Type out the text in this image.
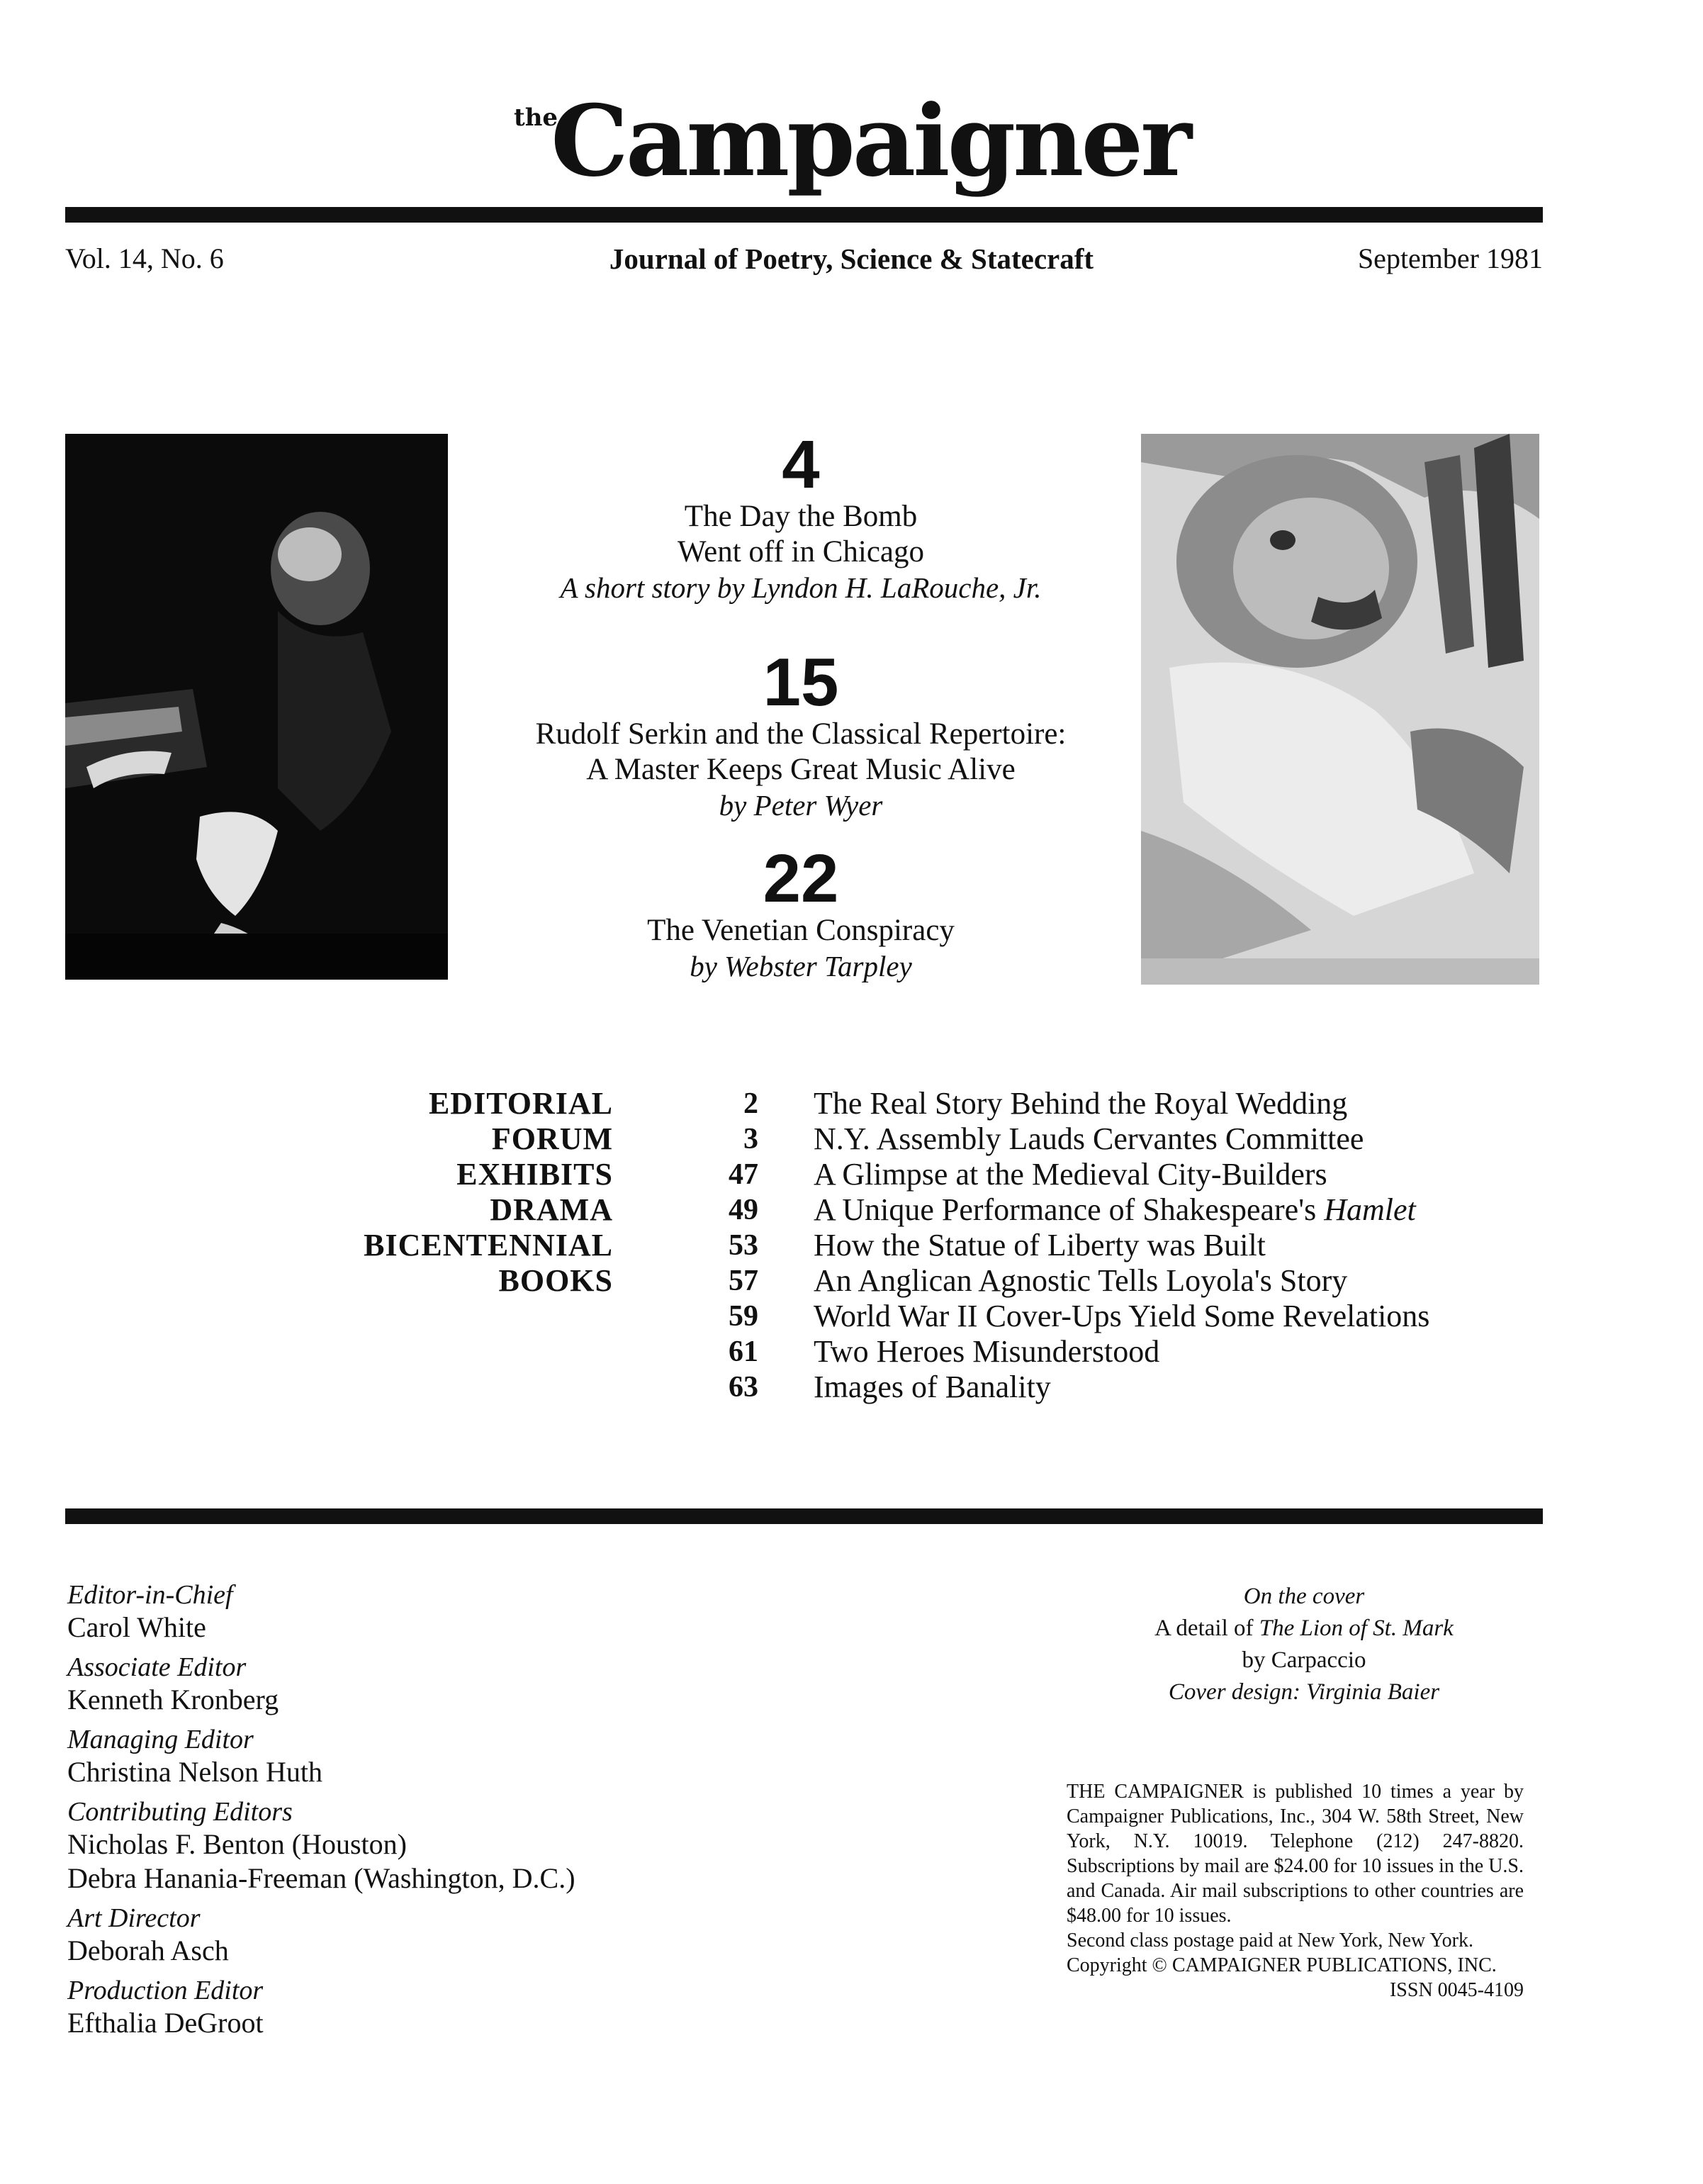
$^{the}$Campaigner
Vol. 14, No. 6	Journal of Poetry, Science & Statecraft	September 1981
4
The Day the Bomb
Went off in Chicago
A short story by Lyndon H. LaRouche, Jr.
15
Rudolf Serkin and the Classical Repertoire:
A Master Keeps Great Music Alive
by Peter Wyer
22
The Venetian Conspiracy
by Webster Tarpley
EDITORIAL
FORUM
EXHIBITS
DRAMA
BICENTENNIAL
BOOKS
2
3
47
49
53
57
59
61
63
The Real Story Behind the Royal Wedding
N.Y. Assembly Lauds Cervantes Committee
A Glimpse at the Medieval City-Builders
A Unique Performance of Shakespeare's Hamlet
How the Statue of Liberty was Built
An Anglican Agnostic Tells Loyola's Story
World War II Cover-Ups Yield Some Revelations
Two Heroes Misunderstood
Images of Banality
Editor-in-Chief
Carol White
Associate Editor
Kenneth Kronberg
Managing Editor
Christina Nelson Huth
Contributing Editors
Nicholas F. Benton (Houston)
Debra Hanania-Freeman (Washington, D.C.)
Art Director
Deborah Asch
Production Editor
Efthalia DeGroot
On the cover
A detail of The Lion of St. Mark
by Carpaccio
Cover design: Virginia Baier

THE CAMPAIGNER is published 10 times a year by Campaigner Publications, Inc., 304 W. 58th Street, New York, N.Y. 10019. Telephone (212) 247-8820. Subscriptions by mail are $24.00 for 10 issues in the U.S. and Canada. Air mail subscriptions to other countries are $48.00 for 10 issues.

Second class postage paid at New York, New York.

Copyright © CAMPAIGNER PUBLICATIONS, INC.

ISSN 0045-4109
